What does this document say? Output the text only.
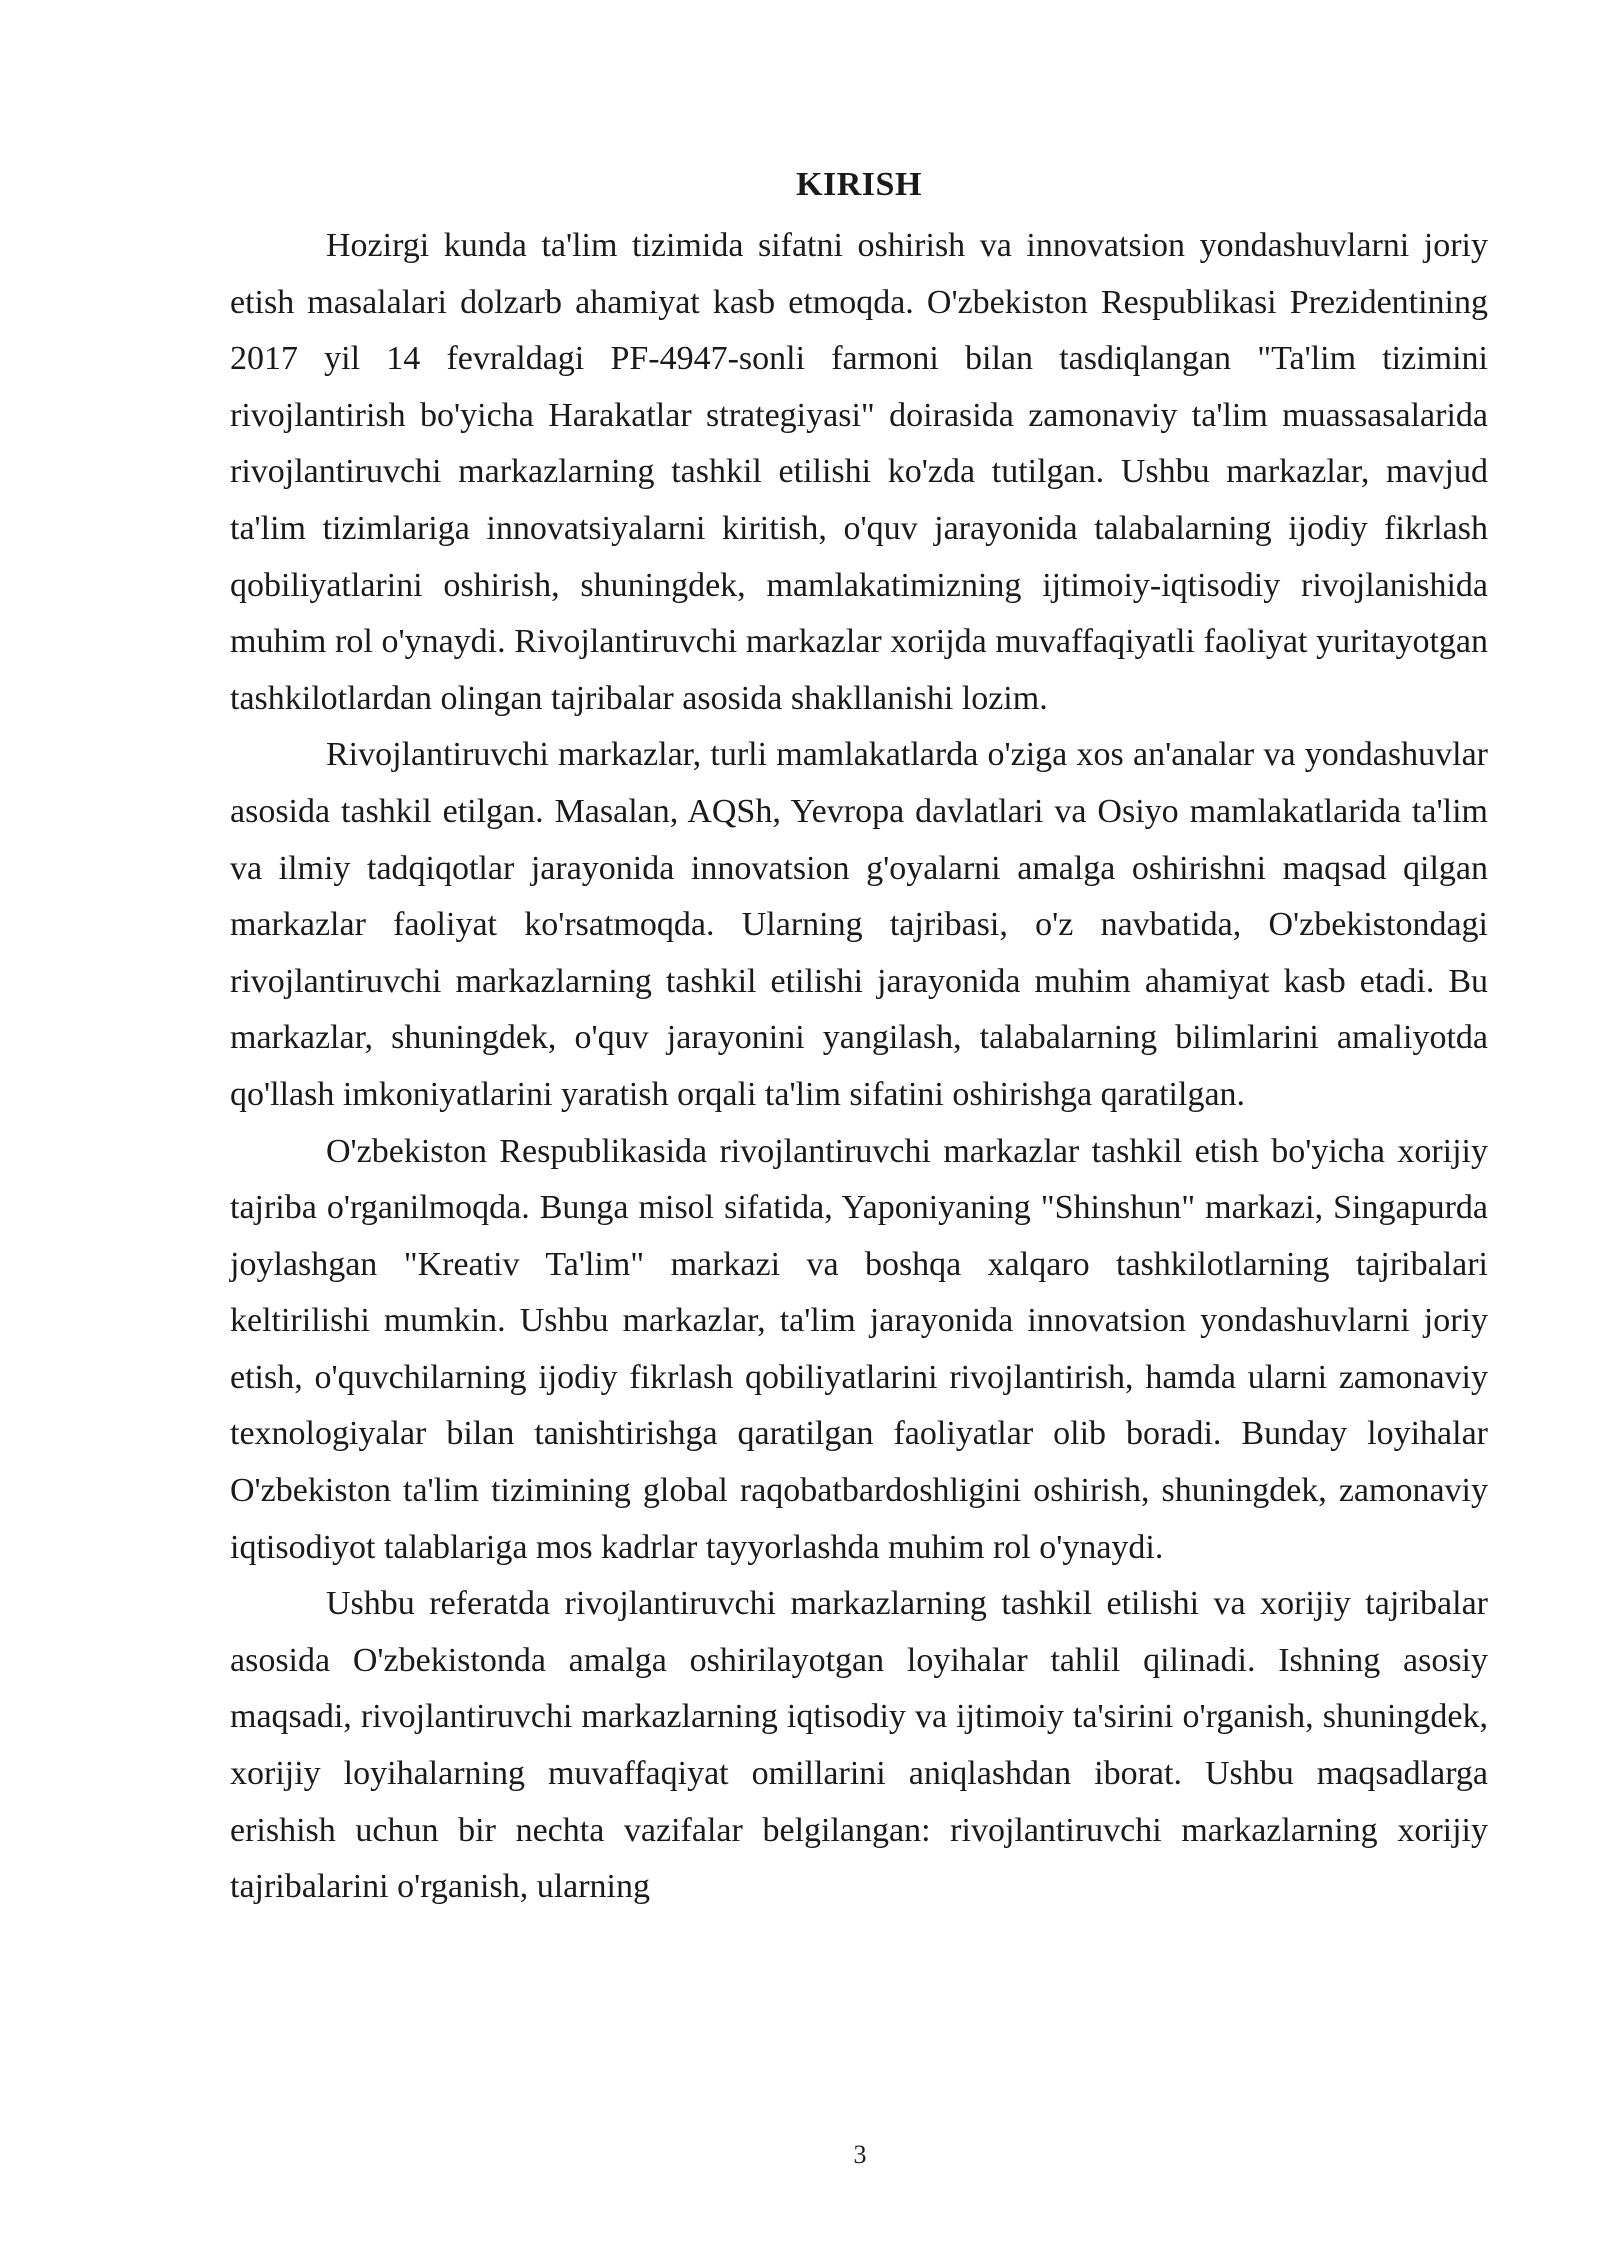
KIRISH

Hozirgi kunda ta'lim tizimida sifatni oshirish va innovatsion yondashuvlarni joriy etish masalalari dolzarb ahamiyat kasb etmoqda. O'zbekiston Respublikasi Prezidentining 2017 yil 14 fevraldagi PF-4947-sonli farmoni bilan tasdiqlangan "Ta'lim tizimini rivojlantirish bo'yicha Harakatlar strategiyasi" doirasida zamonaviy ta'lim muassasalarida rivojlantiruvchi markazlarning tashkil etilishi ko'zda tutilgan. Ushbu markazlar, mavjud ta'lim tizimlariga innovatsiyalarni kiritish, o'quv jarayonida talabalarning ijodiy fikrlash qobiliyatlarini oshirish, shuningdek, mamlakatimizning ijtimoiy-iqtisodiy rivojlanishida muhim rol o'ynaydi. Rivojlantiruvchi markazlar xorijda muvaffaqiyatli faoliyat yuritayotgan tashkilotlardan olingan tajribalar asosida shakllanishi lozim.

Rivojlantiruvchi markazlar, turli mamlakatlarda o'ziga xos an'analar va yondashuvlar asosida tashkil etilgan. Masalan, AQSh, Yevropa davlatlari va Osiyo mamlakatlarida ta'lim va ilmiy tadqiqotlar jarayonida innovatsion g'oyalarni amalga oshirishni maqsad qilgan markazlar faoliyat ko'rsatmoqda. Ularning tajribasi, o'z navbatida, O'zbekistondagi rivojlantiruvchi markazlarning tashkil etilishi jarayonida muhim ahamiyat kasb etadi. Bu markazlar, shuningdek, o'quv jarayonini yangilash, talabalarning bilimlarini amaliyotda qo'llash imkoniyatlarini yaratish orqali ta'lim sifatini oshirishga qaratilgan.

O'zbekiston Respublikasida rivojlantiruvchi markazlar tashkil etish bo'yicha xorijiy tajriba o'rganilmoqda. Bunga misol sifatida, Yaponiyaning "Shinshun" markazi, Singapurda joylashgan "Kreativ Ta'lim" markazi va boshqa xalqaro tashkilotlarning tajribalari keltirilishi mumkin. Ushbu markazlar, ta'lim jarayonida innovatsion yondashuvlarni joriy etish, o'quvchilarning ijodiy fikrlash qobiliyatlarini rivojlantirish, hamda ularni zamonaviy texnologiyalar bilan tanishtirishga qaratilgan faoliyatlar olib boradi. Bunday loyihalar O'zbekiston ta'lim tizimining global raqobatbardoshligini oshirish, shuningdek, zamonaviy iqtisodiyot talablariga mos kadrlar tayyorlashda muhim rol o'ynaydi.

Ushbu referatda rivojlantiruvchi markazlarning tashkil etilishi va xorijiy tajribalar asosida O'zbekistonda amalga oshirilayotgan loyihalar tahlil qilinadi. Ishning asosiy maqsadi, rivojlantiruvchi markazlarning iqtisodiy va ijtimoiy ta'sirini o'rganish, shuningdek, xorijiy loyihalarning muvaffaqiyat omillarini aniqlashdan iborat. Ushbu maqsadlarga erishish uchun bir nechta vazifalar belgilangan: rivojlantiruvchi markazlarning xorijiy tajribalarini o'rganish, ularning

3
